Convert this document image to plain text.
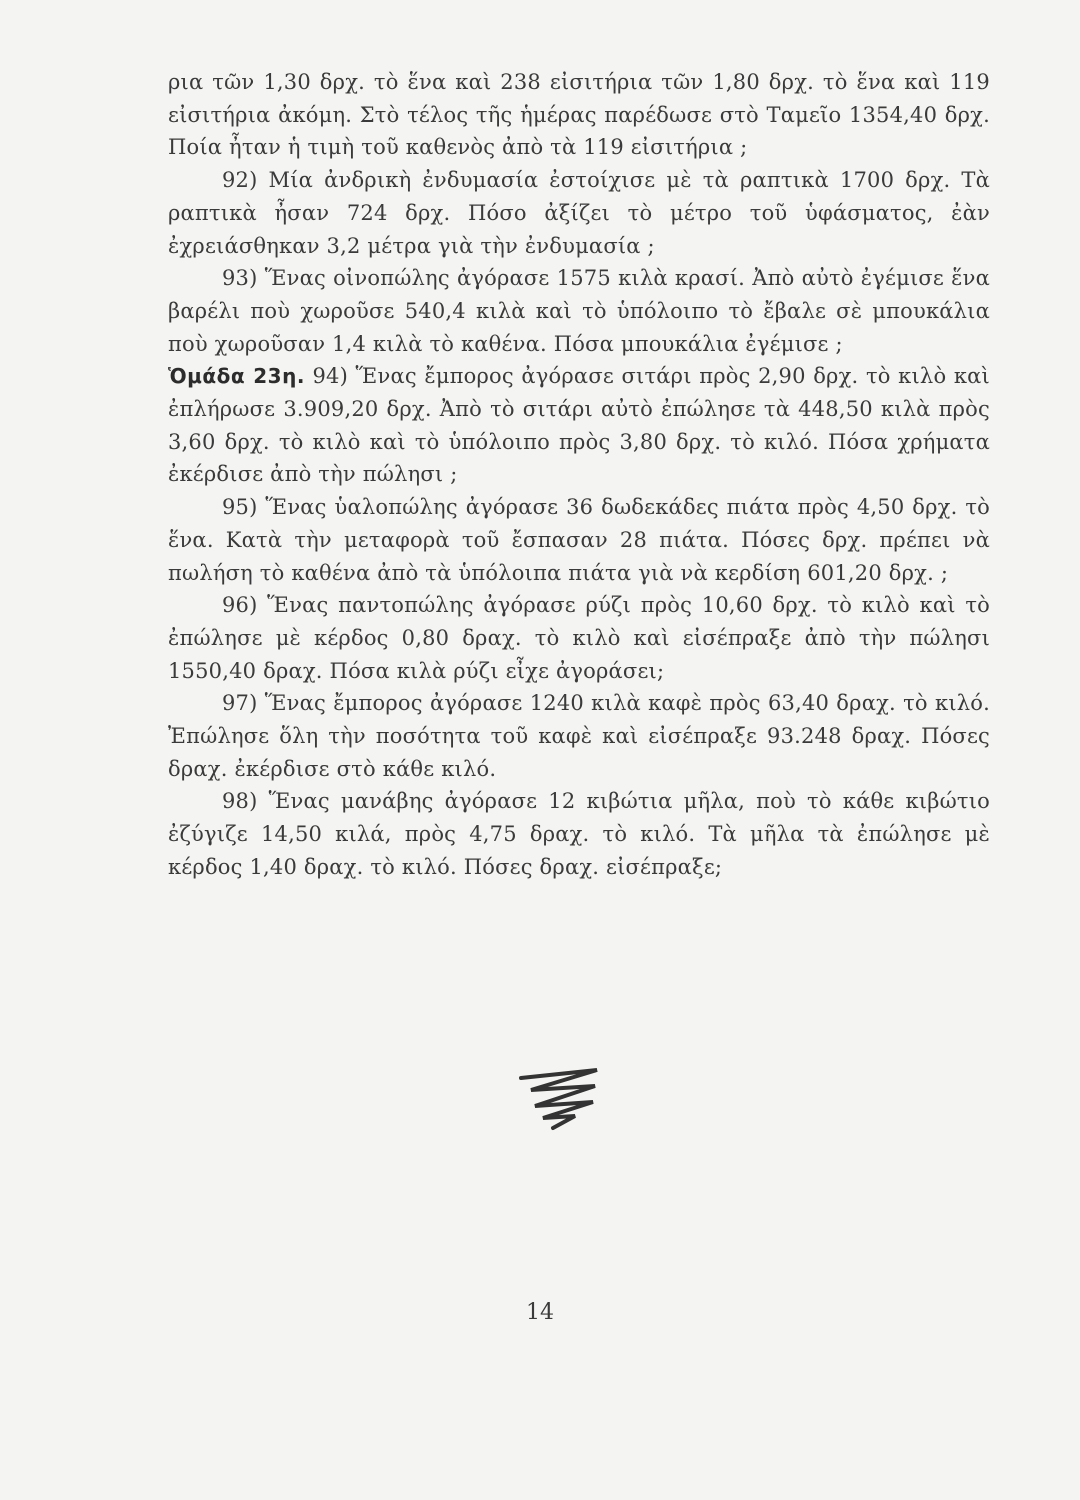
ρια τῶν 1,30 δρχ. τὸ ἕνα καὶ 238 εἰσιτήρια τῶν 1,80 δρχ. τὸ ἕνα καὶ 119 εἰσιτήρια ἀκόμη. Στὸ τέλος τῆς ἡμέρας παρέδωσε στὸ Ταμεῖο 1354,40 δρχ. Ποία ἦταν ἡ τιμὴ τοῦ καθενὸς ἀπὸ τὰ 119 εἰσιτήρια ;

92) Μία ἀνδρικὴ ἐνδυμασία ἐστοίχισε μὲ τὰ ραπτικὰ 1700 δρχ. Τὰ ραπτικὰ ἦσαν 724 δρχ. Πόσο ἀξίζει τὸ μέτρο τοῦ ὑφάσματος, ἐὰν ἐχρειάσθηκαν 3,2 μέτρα γιὰ τὴν ἐνδυμασία ;

93) Ἕνας οἰνοπώλης ἀγόρασε 1575 κιλὰ κρασί. Ἀπὸ αὐτὸ ἐγέμισε ἕνα βαρέλι ποὺ χωροῦσε 540,4 κιλὰ καὶ τὸ ὑπόλοιπο τὸ ἔβαλε σὲ μπουκάλια ποὺ χωροῦσαν 1,4 κιλὰ τὸ καθένα. Πόσα μπουκάλια ἐγέμισε ;

Ὁμάδα 23η. 94) Ἕνας ἔμπορος ἀγόρασε σιτάρι πρὸς 2,90 δρχ. τὸ κιλὸ καὶ ἐπλήρωσε 3.909,20 δρχ. Ἀπὸ τὸ σιτάρι αὐτὸ ἐπώλησε τὰ 448,50 κιλὰ πρὸς 3,60 δρχ. τὸ κιλὸ καὶ τὸ ὑπόλοιπο πρὸς 3,80 δρχ. τὸ κιλό. Πόσα χρήματα ἐκέρδισε ἀπὸ τὴν πώλησι ;

95) Ἕνας ὑαλοπώλης ἀγόρασε 36 δωδεκάδες πιάτα πρὸς 4,50 δρχ. τὸ ἕνα. Κατὰ τὴν μεταφορὰ τοῦ ἔσπασαν 28 πιάτα. Πόσες δρχ. πρέπει νὰ πωλήση τὸ καθένα ἀπὸ τὰ ὑπόλοιπα πιάτα γιὰ νὰ κερδίση 601,20 δρχ. ;

96) Ἕνας παντοπώλης ἀγόρασε ρύζι πρὸς 10,60 δρχ. τὸ κιλὸ καὶ τὸ ἐπώλησε μὲ κέρδος 0,80 δραχ. τὸ κιλὸ καὶ εἰσέπραξε ἀπὸ τὴν πώλησι 1550,40 δραχ. Πόσα κιλὰ ρύζι εἶχε ἀγοράσει;

97) Ἕνας ἔμπορος ἀγόρασε 1240 κιλὰ καφὲ πρὸς 63,40 δραχ. τὸ κιλό. Ἐπώλησε ὅλη τὴν ποσότητα τοῦ καφὲ καὶ εἰσέπραξε 93.248 δραχ. Πόσες δραχ. ἐκέρδισε στὸ κάθε κιλό.

98) Ἕνας μανάβης ἀγόρασε 12 κιβώτια μῆλα, ποὺ τὸ κάθε κιβώτιο ἐζύγιζε 14,50 κιλά, πρὸς 4,75 δραχ. τὸ κιλό. Τὰ μῆλα τὰ ἐπώλησε μὲ κέρδος 1,40 δραχ. τὸ κιλό. Πόσες δραχ. εἰσέπραξε;

14
